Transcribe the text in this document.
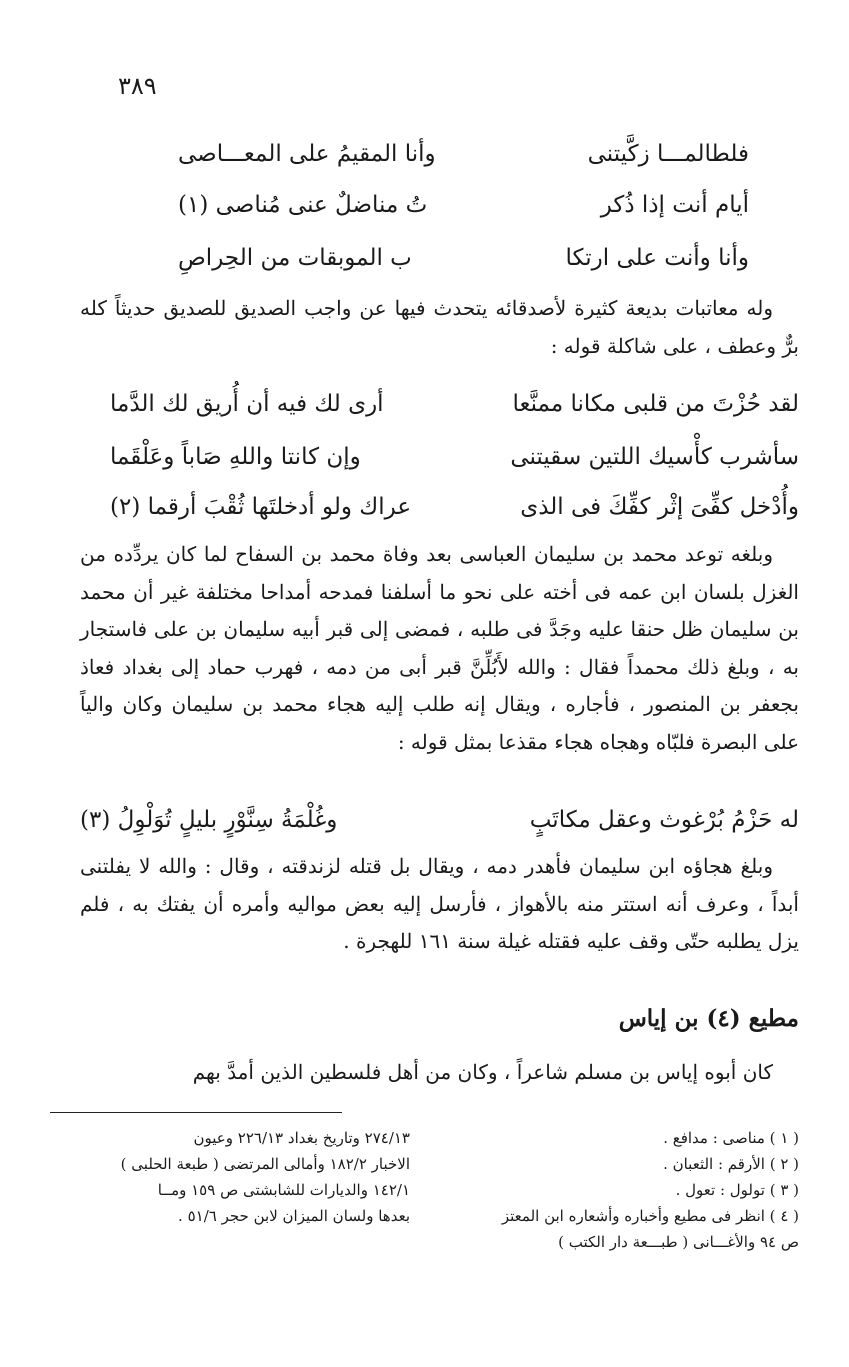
٣٨٩
فلطالمـــا زكَّيتنى
وأنا المقيمُ على المعـــاصى
أيام أنت إذا ذُكر
تُ مناضلٌ عنى مُناصى (١)
وأنا وأنت على ارتكا
ب الموبقات من الحِراصِ

وله معاتبات بديعة كثيرة لأصدقائه يتحدث فيها عن واجب الصديق للصديق حديثاً كله برٌّ وعطف ، على شاكلة قوله :

لقد حُزْتَ من قلبى مكانا ممنَّعا
أرى لك فيه أن أُريق لك الدَّما
سأشرب كأْسيك اللتين سقيتنى
وإن كانتا واللهِ صَاباً وعَلْقَما
وأُدْخل كفِّىَ إثْر كفِّكَ فى الذى
عراك ولو أدخلتَها ثُقْبَ أرقما (٢)

وبلغه توعد محمد بن سليمان العباسى بعد وفاة محمد بن السفاح لما كان يردِّده من الغزل بلسان ابن عمه فى أخته على نحو ما أسلفنا فمدحه أمداحا مختلفة غير أن محمد بن سليمان ظل حنقا عليه وجَدَّ فى طلبه ، فمضى إلى قبر أبيه سليمان بن على فاستجار به ، وبلغ ذلك محمداً فقال : والله لأَبُلِّنَّ قبر أبى من دمه ، فهرب حماد إلى بغداد فعاذ بجعفر بن المنصور ، فأجاره ، ويقال إنه طلب إليه هجاء محمد بن سليمان وكان والياً على البصرة فلبّاه وهجاه هجاء مقذعا بمثل قوله :

له حَزْمُ بُرْغوث وعقل مكاتَبٍ
وغُلْمَةُ سِنَّوْرٍ بليلٍ تُوَلْوِلُ (٣)

وبلغ هجاؤه ابن سليمان فأهدر دمه ، ويقال بل قتله لزندقته ، وقال : والله لا يفلتنى أبداً ، وعرف أنه استتر منه بالأهواز ، فأرسل إليه بعض مواليه وأمره أن يفتك به ، فلم يزل يطلبه حتّى وقف عليه فقتله غيلة سنة ١٦١ للهجرة .

مطيع (٤) بن إياس

كان أبوه إياس بن مسلم شاعراً ، وكان من أهل فلسطين الذين أمدَّ بهم

( ١ ) مناصى : مدافع .
( ٢ ) الأرقم : الثعبان .
( ٣ ) تولول : تعول .
( ٤ ) انظر فى مطيع وأخباره وأشعاره ابن المعتز
ص ٩٤ والأغـــانى ( طبـــعة دار الكتب )
٢٧٤/١٣ وتاريخ بغداد ٢٢٦/١٣ وعيون
الاخبار ١٨٢/٢ وأمالى المرتضى ( طبعة الحلبى )
١٤٢/١ والديارات للشابشتى ص ١٥٩ ومــا
بعدها ولسان الميزان لابن حجر ٥١/٦ .
